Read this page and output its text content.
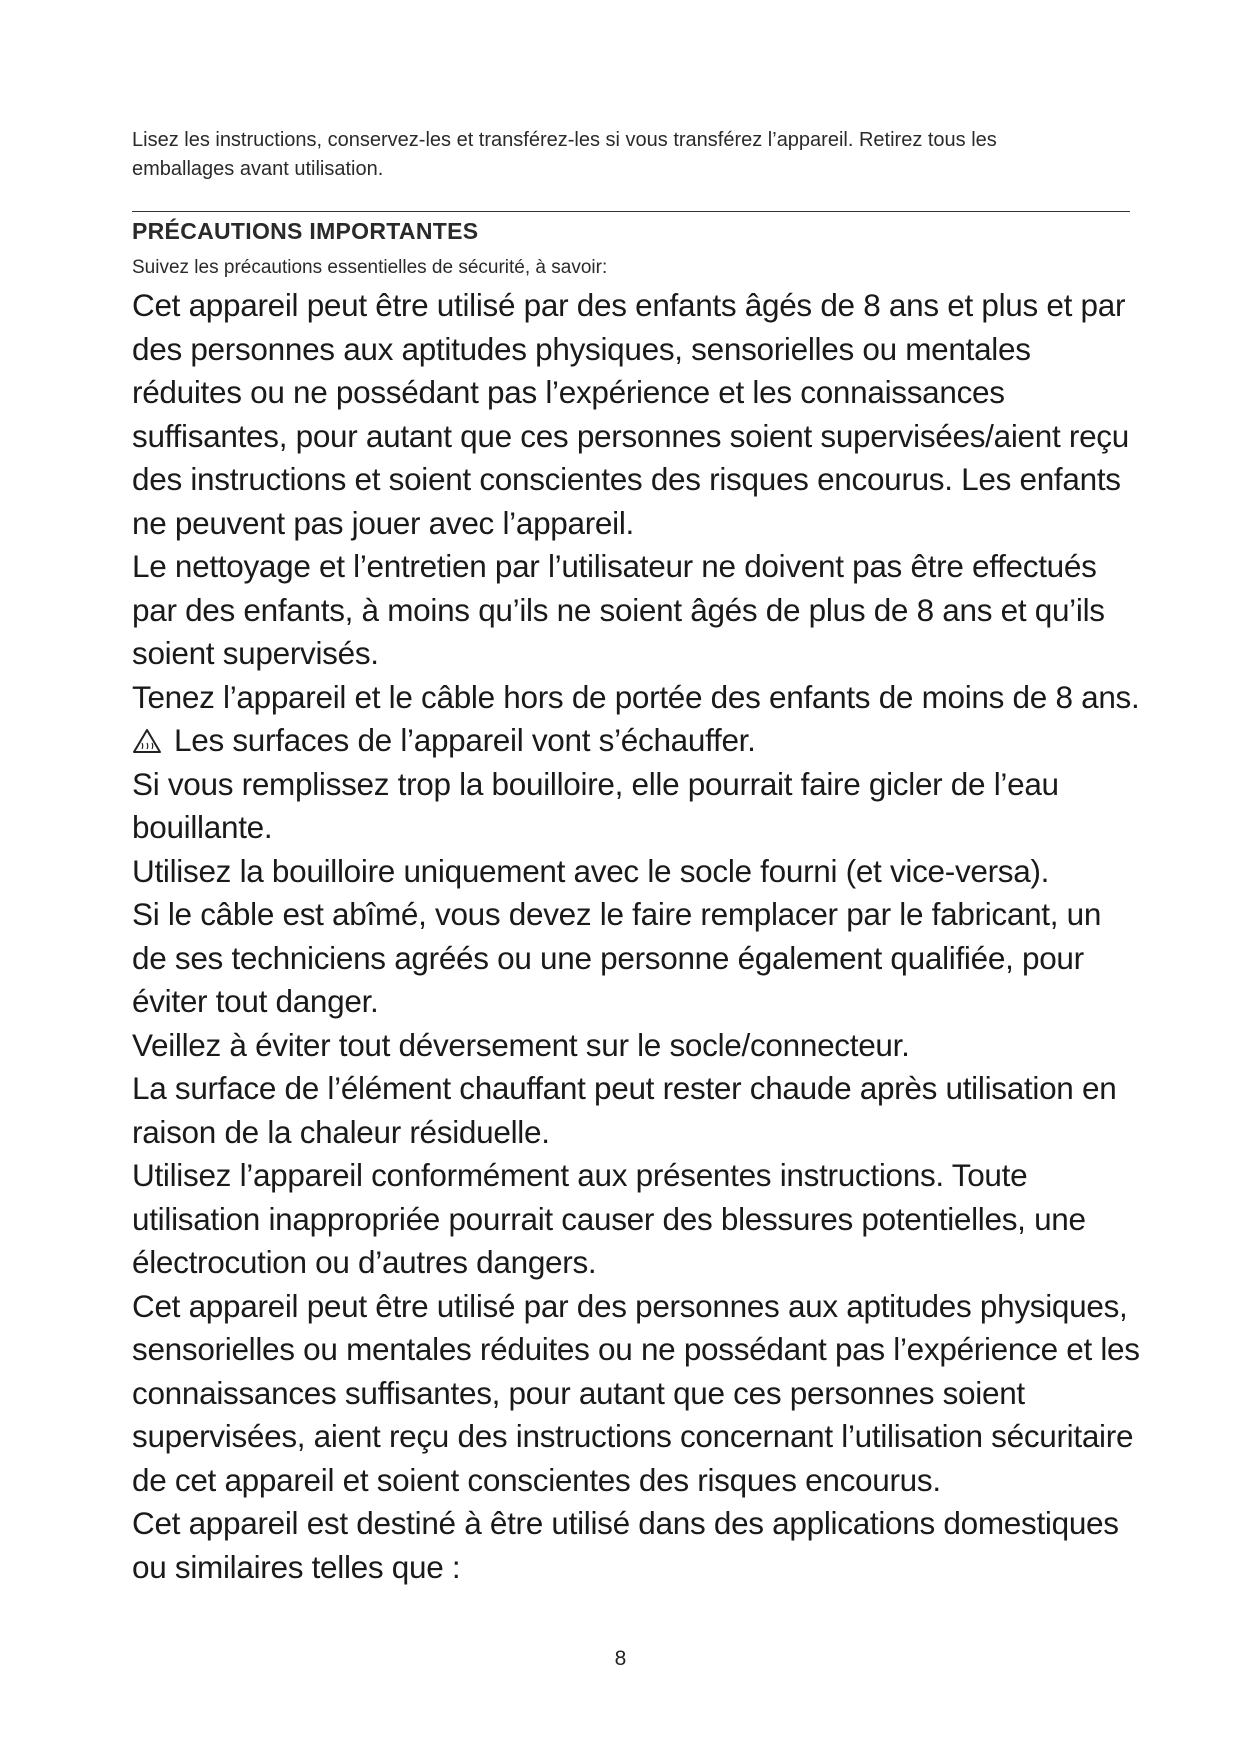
Lisez les instructions, conservez-les et transférez-les si vous transférez l’appareil. Retirez tous les emballages avant utilisation.
PRÉCAUTIONS IMPORTANTES
Suivez les précautions essentielles de sécurité, à savoir:

Cet appareil peut être utilisé par des enfants âgés de 8 ans et plus et par des personnes aux aptitudes physiques, sensorielles ou mentales réduites ou ne possédant pas l’expérience et les connaissances suffisantes, pour autant que ces personnes soient supervisées/aient reçu des instructions et soient conscientes des risques encourus. Les enfants ne peuvent pas jouer avec l’appareil.

Le nettoyage et l’entretien par l’utilisateur ne doivent pas être effectués par des enfants, à moins qu’ils ne soient âgés de plus de 8 ans et qu’ils soient supervisés.

Tenez l’appareil et le câble hors de portée des enfants de moins de 8 ans.

Les surfaces de l’appareil vont s’échauffer.

Si vous remplissez trop la bouilloire, elle pourrait faire gicler de l’eau bouillante.

Utilisez la bouilloire uniquement avec le socle fourni (et vice-versa).

Si le câble est abîmé, vous devez le faire remplacer par le fabricant, un de ses techniciens agréés ou une personne également qualifiée, pour éviter tout danger.

Veillez à éviter tout déversement sur le socle/connecteur.

La surface de l’élément chauffant peut rester chaude après utilisation en raison de la chaleur résiduelle.

Utilisez l’appareil conformément aux présentes instructions. Toute utilisation inappropriée pourrait causer des blessures potentielles, une électrocution ou d’autres dangers.

Cet appareil peut être utilisé par des personnes aux aptitudes physiques, sensorielles ou mentales réduites ou ne possédant pas l’expérience et les connaissances suffisantes, pour autant que ces personnes soient supervisées, aient reçu des instructions concernant l’utilisation sécuritaire de cet appareil et soient conscientes des risques encourus.

Cet appareil est destiné à être utilisé dans des applications domestiques ou similaires telles que :

8
